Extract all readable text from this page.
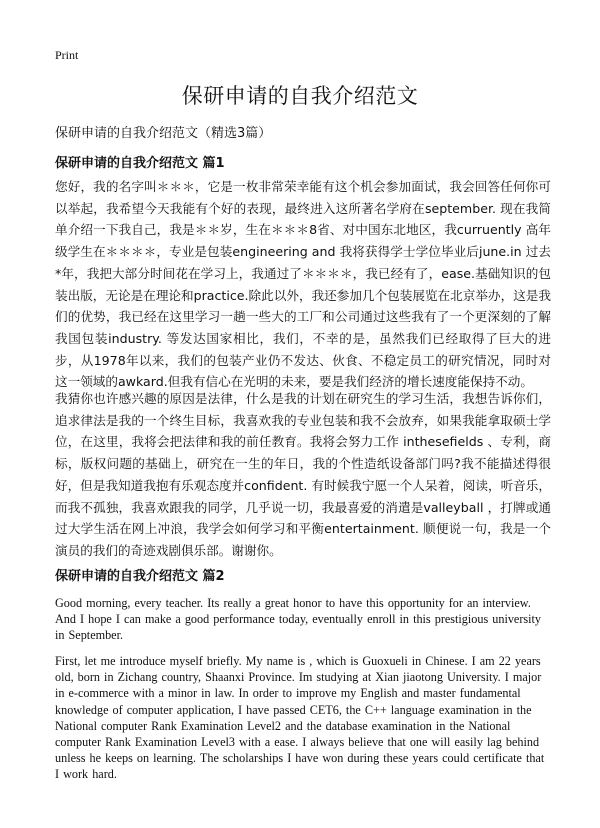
Print
保研申请的自我介绍范文
保研申请的自我介绍范文（精选3篇）
保研申请的自我介绍范文 篇1

您好，我的名字叫＊＊＊，它是一枚非常荣幸能有这个机会参加面试，我会回答任何你可以举起，我希望今天我能有个好的表现，最终进入这所著名学府在september. 现在我简单介绍一下我自己，我是＊＊岁，生在＊＊＊8省、对中国东北地区，我curruently 高年级学生在＊＊＊＊，专业是包装engineering and 我将获得学士学位毕业后june.in 过去*年，我把大部分时间花在学习上，我通过了＊＊＊＊，我已经有了，ease.基础知识的包装出版，无论是在理论和practice.除此以外，我还参加几个包装展览在北京举办，这是我们的优势，我已经在这里学习一趟一些大的工厂和公司通过这些我有了一个更深刻的了解我国包装industry. 等发达国家相比，我们，不幸的是，虽然我们已经取得了巨大的进步，从1978年以来，我们的包装产业仍不发达、伙食、不稳定员工的研究情况，同时对这一领域的awkard.但我有信心在光明的未来，要是我们经济的增长速度能保持不动。

我猜你也许感兴趣的原因是法律，什么是我的计划在研究生的学习生活，我想告诉你们，追求律法是我的一个终生目标，我喜欢我的专业包装和我不会放弃，如果我能拿取硕士学位，在这里，我将会把法律和我的前任教育。我将会努力工作 inthesefields 、专利，商标，版权问题的基础上，研究在一生的年日，我的个性造纸设备部门吗?我不能描述得很好，但是我知道我抱有乐观态度并confident. 有时候我宁愿一个人呆着，阅读，听音乐，而我不孤独，我喜欢跟我的同学，几乎说一切，我最喜爱的消遣是valleyball ，打牌或通过大学生活在网上冲浪，我学会如何学习和平衡entertainment. 顺便说一句，我是一个演员的我们的奇迹戏剧俱乐部。谢谢你。

保研申请的自我介绍范文 篇2

Good morning, every teacher. Its really a great honor to have this opportunity for an interview. And I hope I can make a good performance today, eventually enroll in this prestigious university in September.

First, let me introduce myself briefly. My name is , which is Guoxueli in Chinese. I am 22 years old, born in Zichang country, Shaanxi Province. Im studying at Xian jiaotong University. I major in e-commerce with a minor in law. In order to improve my English and master fundamental knowledge of computer application, I have passed CET6, the C++ language examination in the National computer Rank Examination Level2 and the database examination in the National computer Rank Examination Level3 with a ease. I always believe that one will easily lag behind unless he keeps on learning. The scholarships I have won during these years could certificate that I work hard.
